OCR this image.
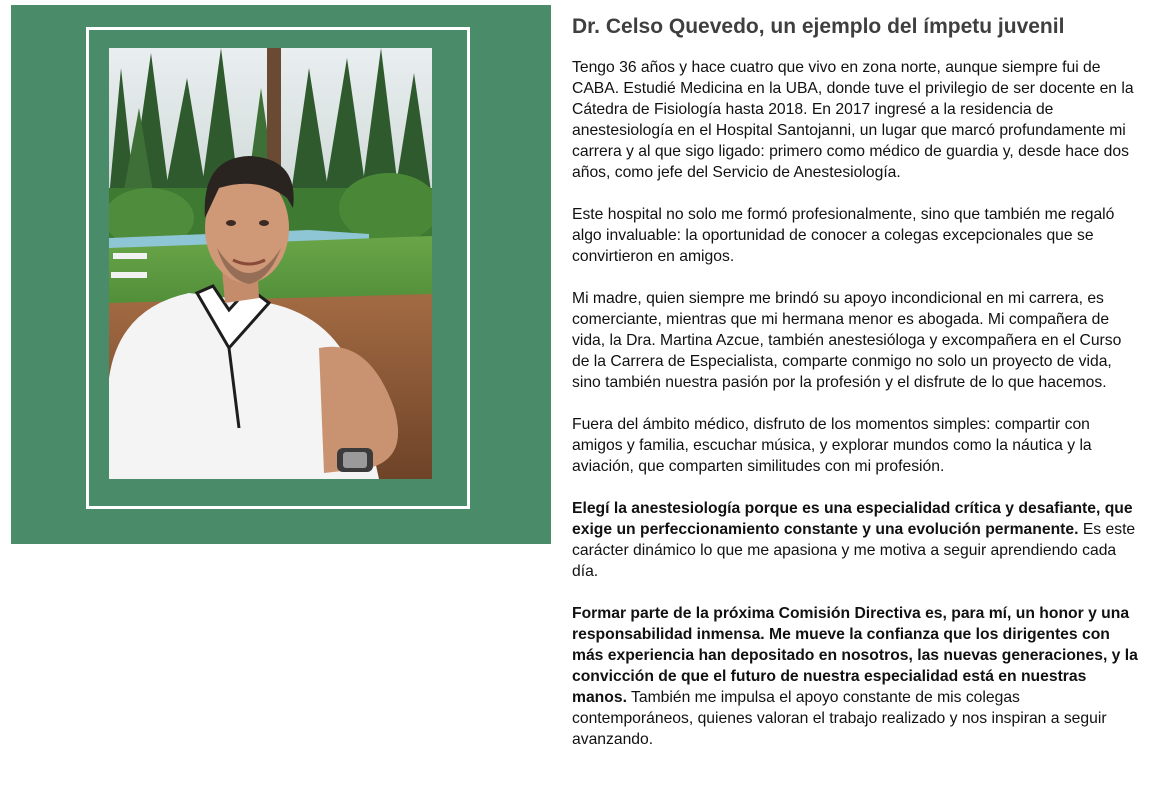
Dr. Celso Quevedo, un ejemplo del ímpetu juvenil

Tengo 36 años y hace cuatro que vivo en zona norte, aunque siempre fui de CABA. Estudié Medicina en la UBA, donde tuve el privilegio de ser docente en la Cátedra de Fisiología hasta 2018. En 2017 ingresé a la residencia de anestesiología en el Hospital Santojanni, un lugar que marcó profundamente mi carrera y al que sigo ligado: primero como médico de guardia y, desde hace dos años, como jefe del Servicio de Anestesiología.

Este hospital no solo me formó profesionalmente, sino que también me regaló algo invaluable: la oportunidad de conocer a colegas excepcionales que se convirtieron en amigos.

Mi madre, quien siempre me brindó su apoyo incondicional en mi carrera, es comerciante, mientras que mi hermana menor es abogada. Mi compañera de vida, la Dra. Martina Azcue, también anestesióloga y excompañera en el Curso de la Carrera de Especialista, comparte conmigo no solo un proyecto de vida, sino también nuestra pasión por la profesión y el disfrute de lo que hacemos.

Fuera del ámbito médico, disfruto de los momentos simples: compartir con amigos y familia, escuchar música, y explorar mundos como la náutica y la aviación, que comparten similitudes con mi profesión.

Elegí la anestesiología porque es una especialidad crítica y desafiante, que exige un perfeccionamiento constante y una evolución permanente. Es este carácter dinámico lo que me apasiona y me motiva a seguir aprendiendo cada día.

Formar parte de la próxima Comisión Directiva es, para mí, un honor y una responsabilidad inmensa. Me mueve la confianza que los dirigentes con más experiencia han depositado en nosotros, las nuevas generaciones, y la convicción de que el futuro de nuestra especialidad está en nuestras manos. También me impulsa el apoyo constante de mis colegas contemporáneos, quienes valoran el trabajo realizado y nos inspiran a seguir avanzando.
